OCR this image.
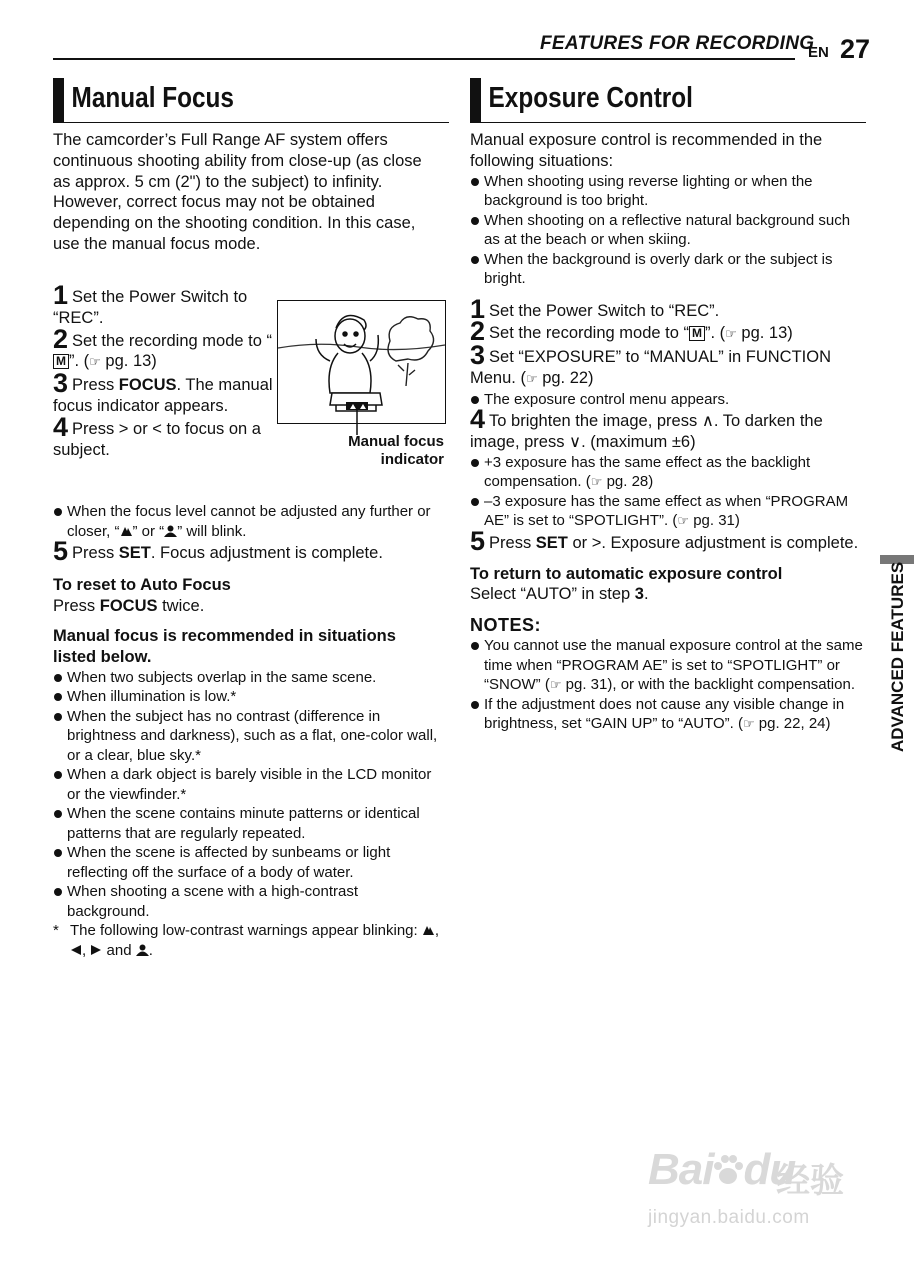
FEATURES FOR RECORDING
EN 27
ADVANCED FEATURES
Manual Focus

The camcorder’s Full Range AF system offers continuous shooting ability from close-up (as close as approx. 5 cm (2") to the subject) to infinity.

However, correct focus may not be obtained depending on the shooting condition. In this case, use the manual focus mode.

1 Set the Power Switch to “REC”.

2 Set the recording mode to “M ”. (☞ pg. 13)

3 Press FOCUS. The manual focus indicator appears.

4 Press > or < to focus on a subject.	Manual focus indicator

When the focus level cannot be adjusted any further or closer, “ ” or “ ” will blink.

5 Press SET. Focus adjustment is complete.

To reset to Auto Focus

Press FOCUS twice.

Manual focus is recommended in situations listed below.

When two subjects overlap in the same scene.

When illumination is low.*

When the subject has no contrast (difference in brightness and darkness), such as a flat, one-color wall, or a clear, blue sky.*

When a dark object is barely visible in the LCD monitor or the viewfinder.*

When the scene contains minute patterns or identical patterns that are regularly repeated.

When the scene is affected by sunbeams or light reflecting off the surface of a body of water.

When shooting a scene with a high-contrast background.

* The following low-contrast warnings appear blinking: , ,  and .

Exposure Control

Manual exposure control is recommended in the following situations:

When shooting using reverse lighting or when the background is too bright.

When shooting on a reflective natural background such as at the beach or when skiing.

When the background is overly dark or the subject is bright.

1 Set the Power Switch to “REC”.

2 Set the recording mode to “ M ”. (☞ pg. 13)

3 Set “EXPOSURE” to “MANUAL” in FUNCTION Menu. (☞ pg. 22)

The exposure control menu appears.

4 To brighten the image, press ∧. To darken the image, press ∨. (maximum ±6)

+3 exposure has the same effect as the backlight compensation. (☞ pg. 28)

–3 exposure has the same effect as when “PROGRAM AE” is set to “SPOTLIGHT”. (☞ pg. 31)

5 Press SET or >. Exposure adjustment is complete.

To return to automatic exposure control

Select “AUTO” in step 3.

NOTES:

You cannot use the manual exposure control at the same time when “PROGRAM AE” is set to “SPOTLIGHT” or “SNOW” (☞ pg. 31), or with the backlight compensation.

If the adjustment does not cause any visible change in brightness, set “GAIN UP” to “AUTO”. (☞ pg. 22, 24)

Bai du
经验
jingyan.baidu.com
